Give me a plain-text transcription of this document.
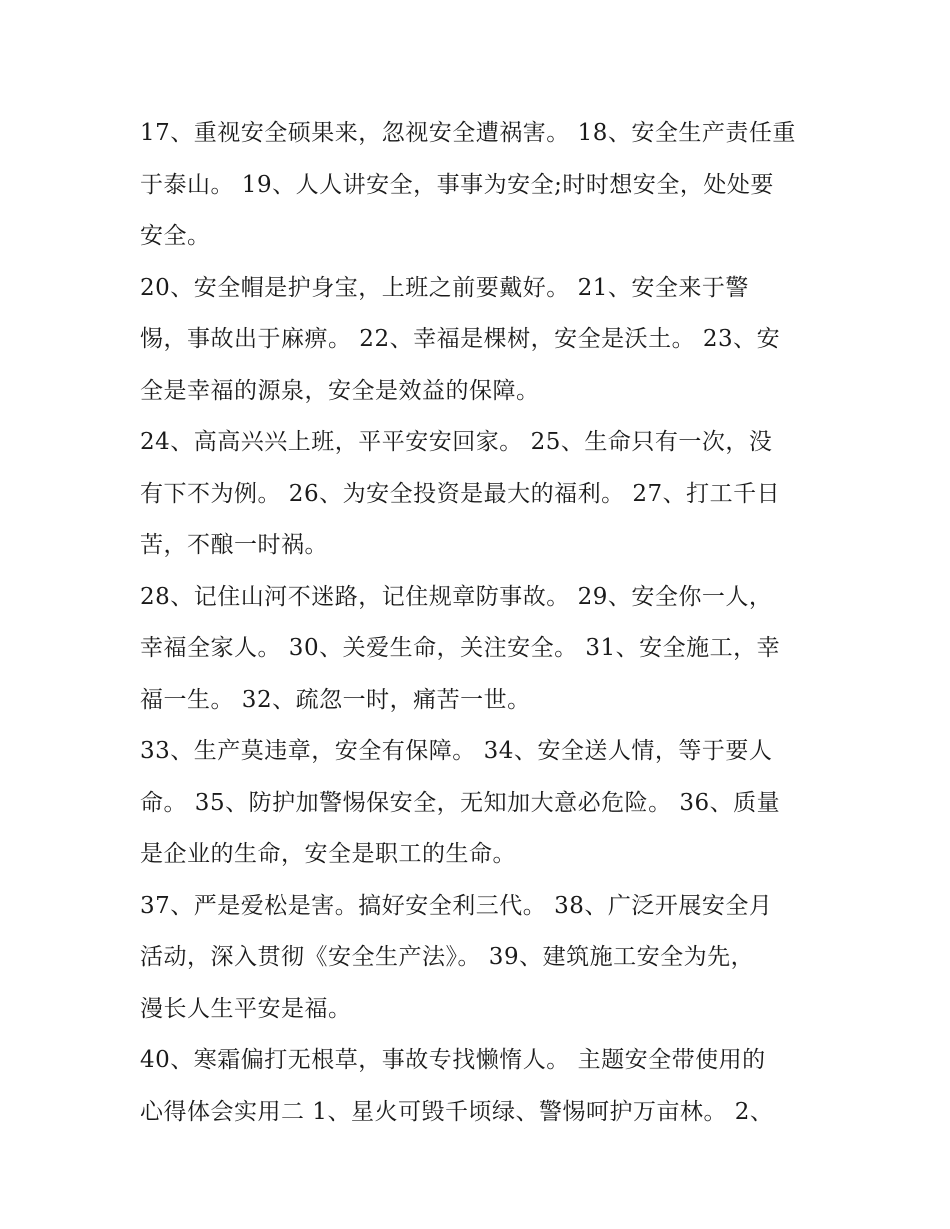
17、重视安全硕果来，忽视安全遭祸害。 18、安全生产责任重
于泰山。 19、人人讲安全，事事为安全;时时想安全，处处要
安全。
20、安全帽是护身宝，上班之前要戴好。 21、安全来于警
惕，事故出于麻痹。 22、幸福是棵树，安全是沃土。 23、安
全是幸福的源泉，安全是效益的保障。
24、高高兴兴上班，平平安安回家。 25、生命只有一次，没
有下不为例。 26、为安全投资是最大的福利。 27、打工千日
苦，不酿一时祸。
28、记住山河不迷路，记住规章防事故。 29、安全你一人，
幸福全家人。 30、关爱生命，关注安全。 31、安全施工，幸
福一生。 32、疏忽一时，痛苦一世。
33、生产莫违章，安全有保障。 34、安全送人情，等于要人
命。 35、防护加警惕保安全，无知加大意必危险。 36、质量
是企业的生命，安全是职工的生命。
37、严是爱松是害。搞好安全利三代。 38、广泛开展安全月
活动，深入贯彻《安全生产法》。 39、建筑施工安全为先，
漫长人生平安是福。
40、寒霜偏打无根草，事故专找懒惰人。 主题安全带使用的
心得体会实用二 1、星火可毁千顷绿、警惕呵护万亩林。 2、
